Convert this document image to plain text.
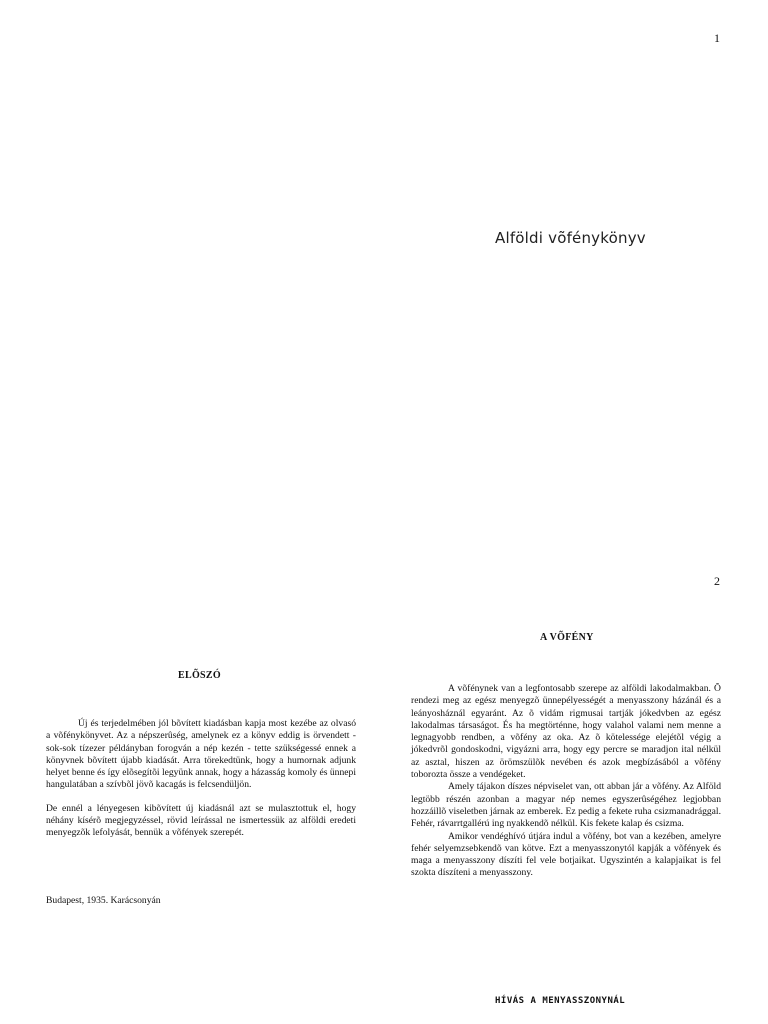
1
Alföldi võfénykönyv
2
ELÕSZÓ

Új és terjedelmében jól bõvített kiadásban kapja most kezébe az olvasó a võfénykönyvet. Az a népszerûség, amelynek ez a könyv eddig is örvendett - sok-sok tízezer példányban forogván a nép kezén - tette szükségessé ennek a könyvnek bõvített újabb kiadását. Arra törekedtünk, hogy a humornak adjunk helyet benne és így elõsegítõi legyünk annak, hogy a házasság komoly és ünnepi hangulatában a szívbõl jövõ kacagás is felcsendüljön.

De ennél a lényegesen kibõvített új kiadásnál azt se mulasztottuk el, hogy néhány kísérõ megjegyzéssel, rövid leírással ne ismertessük az alföldi eredeti menyegzõk lefolyását, bennük a võfények szerepét.

Budapest, 1935. Karácsonyán
A VÕFÉNY

A võfénynek van a legfontosabb szerepe az alföldi lakodalmakban. Õ rendezi meg az egész menyegzõ ünnepélyességét a menyasszony házánál és a leányosháznál egyaránt. Az õ vidám rigmusai tartják jókedvben az egész lakodalmas társaságot. És ha megtörténne, hogy valahol valami nem menne a legnagyobb rendben, a võfény az oka. Az õ kötelessége elejétõl végig a jókedvrõl gondoskodni, vigyázni arra, hogy egy percre se maradjon ital nélkül az asztal, hiszen az örömszülõk nevében és azok megbízásából a võfény toborozta össze a vendégeket.

Amely tájakon díszes népviselet van, ott abban jár a võfény. Az Alföld legtöbb részén azonban a magyar nép nemes egyszerûségéhez legjobban hozzáillõ viseletben járnak az emberek. Ez pedig a fekete ruha csizmanadrággal. Fehér, rávarrtgallérú ing nyakkendõ nélkül. Kis fekete kalap és csizma.

Amikor vendéghívó útjára indul a võfény, bot van a kezében, amelyre fehér selyemzsebkendõ van kötve. Ezt a menyasszonytól kapják a võfények és maga a menyasszony díszíti fel vele botjaikat. Ugyszintén a kalapjaikat is fel szokta díszíteni a menyasszony.

HÍVÁS A MENYASSZONYNÁL
